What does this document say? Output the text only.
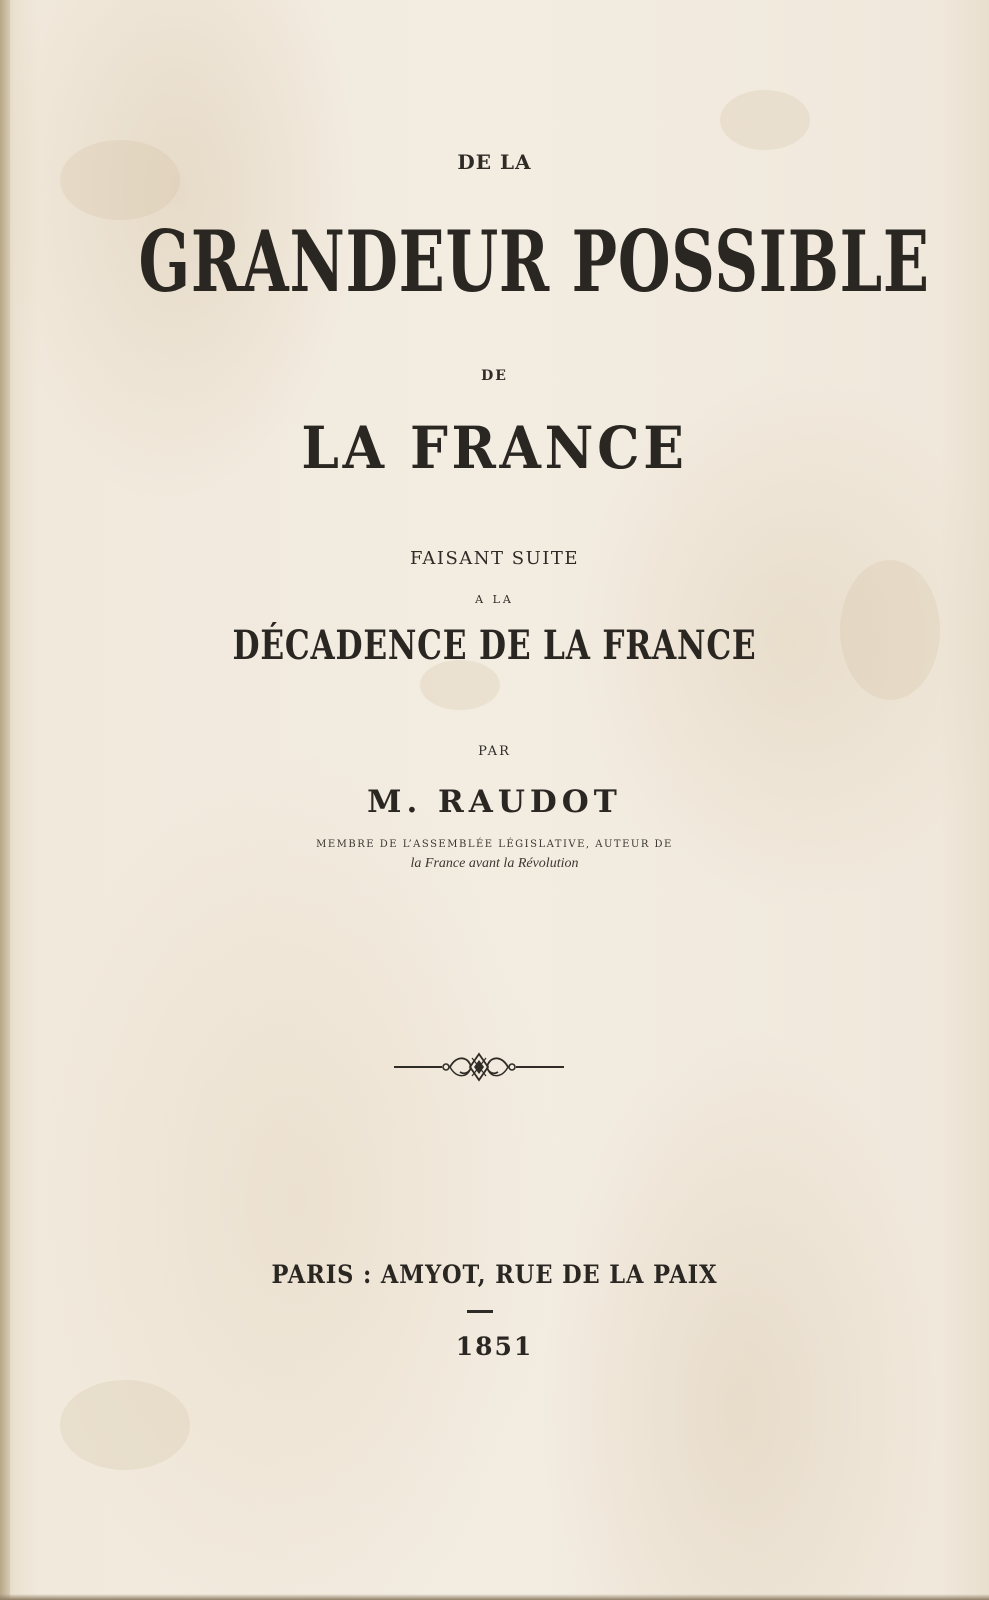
DE LA

GRANDEUR POSSIBLE

DE

LA FRANCE

FAISANT SUITE

A LA

DÉCADENCE DE LA FRANCE

PAR

M. RAUDOT

MEMBRE DE L’ASSEMBLÉE LÉGISLATIVE, AUTEUR DE

la France avant la Révolution

PARIS : AMYOT, RUE DE LA PAIX

1851
